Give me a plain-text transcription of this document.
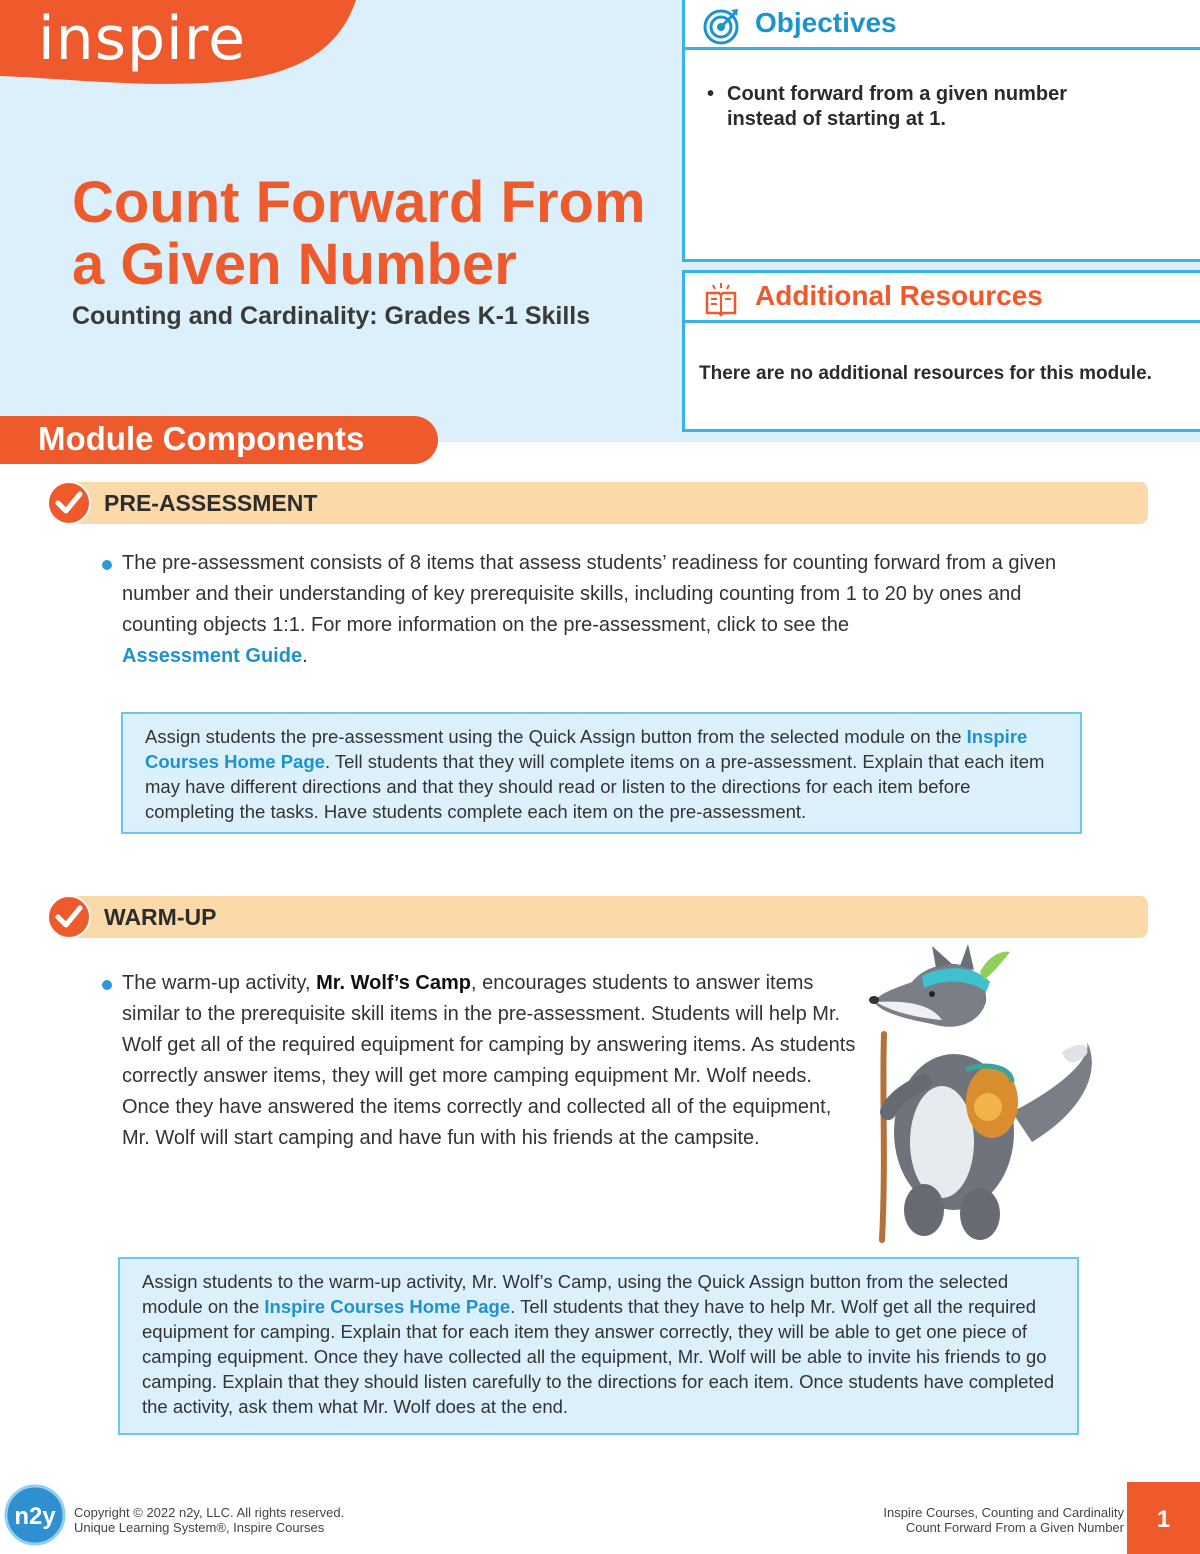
inspire
Count Forward From a Given Number
Counting and Cardinality: Grades K-1 Skills
Objectives
• Count forward from a given number instead of starting at 1.
Additional Resources
There are no additional resources for this module.
Module Components
PRE-ASSESSMENT
The pre-assessment consists of 8 items that assess students’ readiness for counting forward from a given number and their understanding of key prerequisite skills, including counting from 1 to 20 by ones and counting objects 1:1. For more information on the pre-assessment, click to see the
Assessment Guide.
Assign students the pre-assessment using the Quick Assign button from the selected module on the Inspire Courses Home Page. Tell students that they will complete items on a pre-assessment. Explain that each item may have different directions and that they should read or listen to the directions for each item before completing the tasks. Have students complete each item on the pre-assessment.
WARM-UP
The warm-up activity, Mr. Wolf’s Camp, encourages students to answer items similar to the prerequisite skill items in the pre-assessment. Students will help Mr. Wolf get all of the required equipment for camping by answering items. As students correctly answer items, they will get more camping equipment Mr. Wolf needs. Once they have answered the items correctly and collected all of the equipment, Mr. Wolf will start camping and have fun with his friends at the campsite.
Assign students to the warm-up activity, Mr. Wolf’s Camp, using the Quick Assign button from the selected module on the Inspire Courses Home Page. Tell students that they have to help Mr. Wolf get all the required equipment for camping. Explain that for each item they answer correctly, they will be able to get one piece of camping equipment. Once they have collected all the equipment, Mr. Wolf will be able to invite his friends to go camping. Explain that they should listen carefully to the directions for each item. Once students have completed the activity, ask them what Mr. Wolf does at the end.
n2y Copyright © 2022 n2y, LLC. All rights reserved.
Unique Learning System®, Inspire Courses
Inspire Courses, Counting and Cardinality
Count Forward From a Given Number	1
